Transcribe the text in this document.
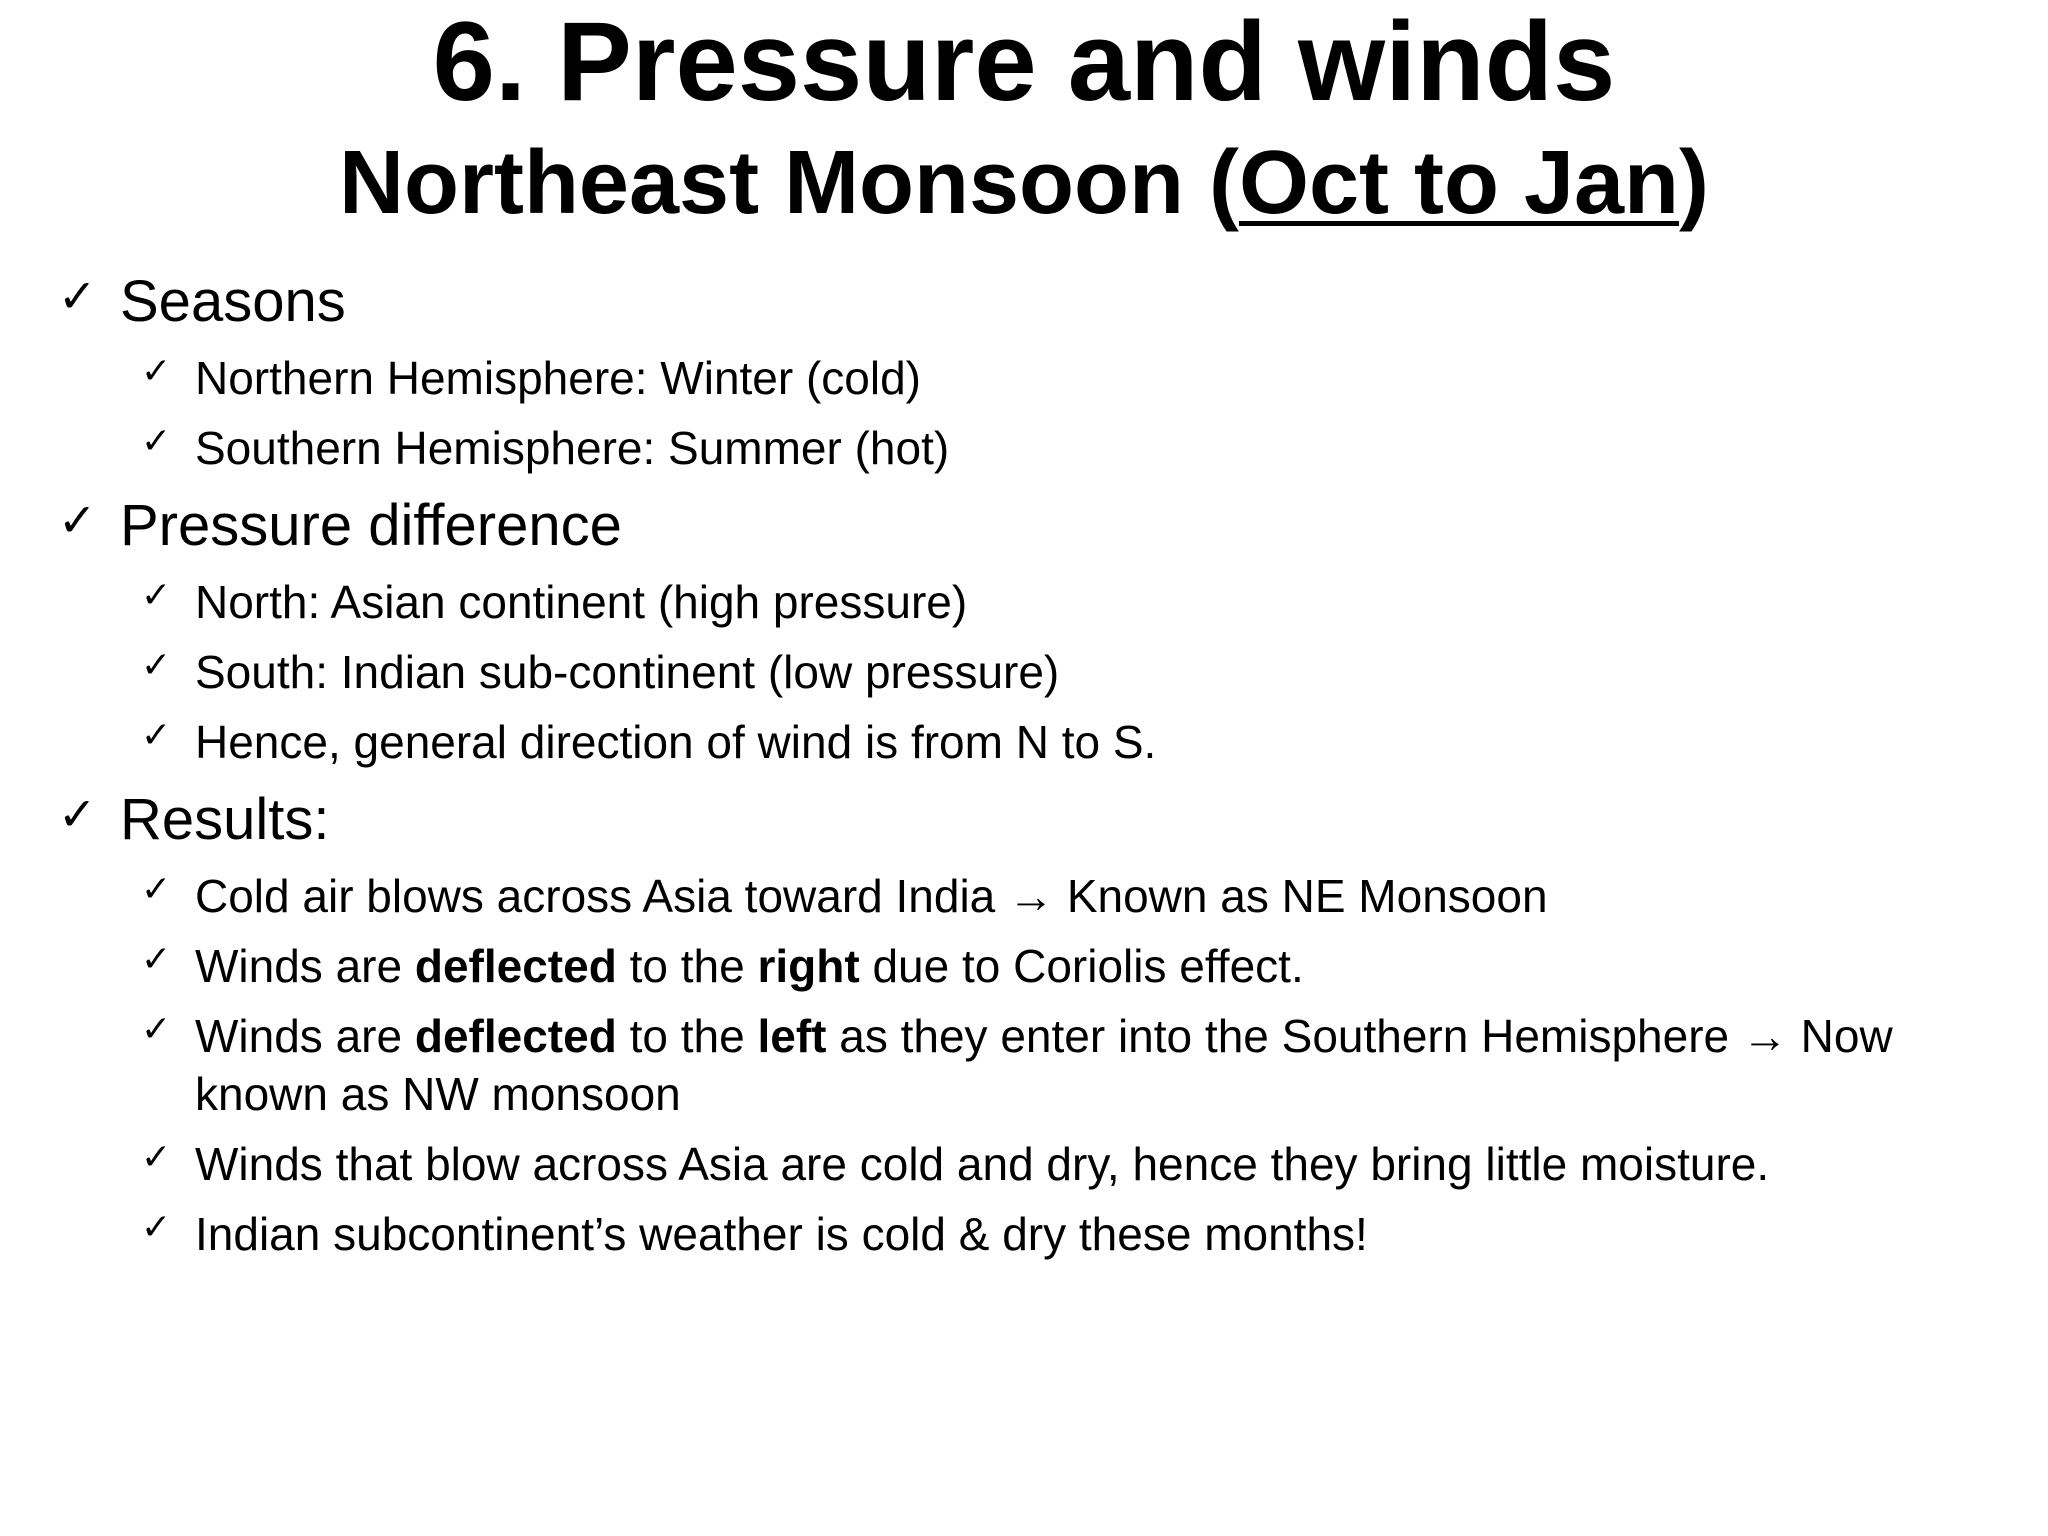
6. Pressure and winds
Northeast Monsoon (Oct to Jan)
✓ Seasons
✓ Northern Hemisphere: Winter (cold)
✓ Southern Hemisphere: Summer (hot)
✓ Pressure difference
✓ North: Asian continent (high pressure)
✓ South: Indian sub-continent (low pressure)
✓ Hence, general direction of wind is from N to S.
✓ Results:
✓ Cold air blows across Asia toward India → Known as NE Monsoon
✓ Winds are deflected to the right due to Coriolis effect.
✓ Winds are deflected to the left as they enter into the Southern Hemisphere → Now
known as NW monsoon
✓ Winds that blow across Asia are cold and dry, hence they bring little moisture.
✓ Indian subcontinent’s weather is cold & dry these months!
